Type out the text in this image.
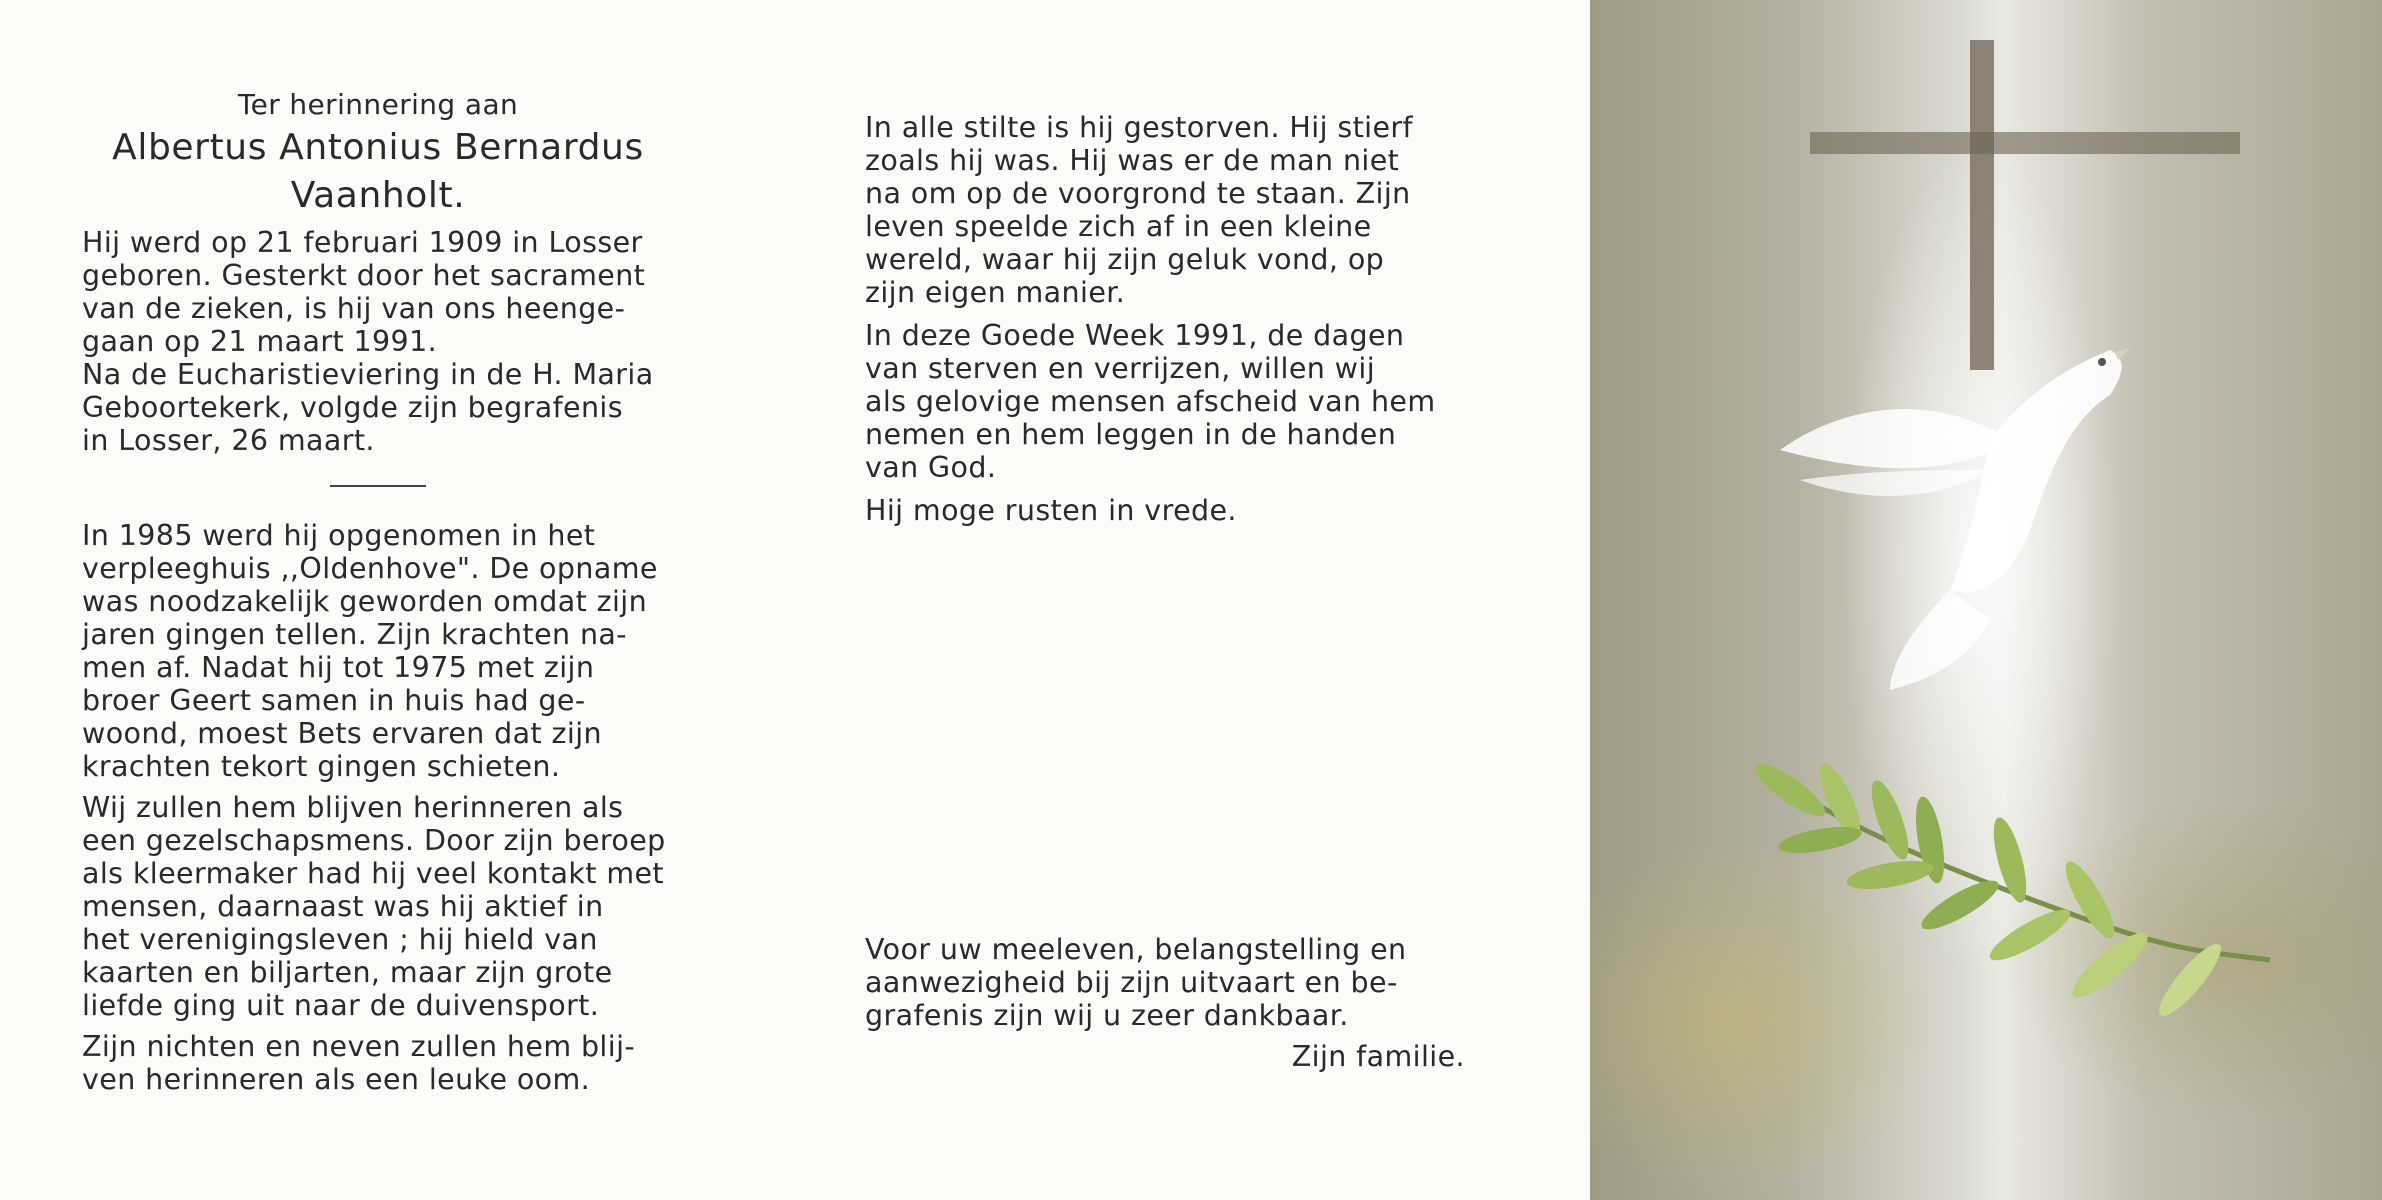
Ter herinnering aan
Albertus Antonius Bernardus
Vaanholt.
Hij werd op 21 februari 1909 in Losser
geboren. Gesterkt door het sacrament
van de zieken, is hij van ons heenge-
gaan op 21 maart 1991.
Na de Eucharistieviering in de H. Maria
Geboortekerk, volgde zijn begrafenis
in Losser, 26 maart.
In 1985 werd hij opgenomen in het
verpleeghuis ,,Oldenhove". De opname
was noodzakelijk geworden omdat zijn
jaren gingen tellen. Zijn krachten na-
men af. Nadat hij tot 1975 met zijn
broer Geert samen in huis had ge-
woond, moest Bets ervaren dat zijn
krachten tekort gingen schieten.
Wij zullen hem blijven herinneren als
een gezelschapsmens. Door zijn beroep
als kleermaker had hij veel kontakt met
mensen, daarnaast was hij aktief in
het verenigingsleven ; hij hield van
kaarten en biljarten, maar zijn grote
liefde ging uit naar de duivensport.
Zijn nichten en neven zullen hem blij-
ven herinneren als een leuke oom.
In alle stilte is hij gestorven. Hij stierf
zoals hij was. Hij was er de man niet
na om op de voorgrond te staan. Zijn
leven speelde zich af in een kleine
wereld, waar hij zijn geluk vond, op
zijn eigen manier.
In deze Goede Week 1991, de dagen
van sterven en verrijzen, willen wij
als gelovige mensen afscheid van hem
nemen en hem leggen in de handen
van God.
Hij moge rusten in vrede.
Voor uw meeleven, belangstelling en
aanwezigheid bij zijn uitvaart en be-
grafenis zijn wij u zeer dankbaar.
Zijn familie.
